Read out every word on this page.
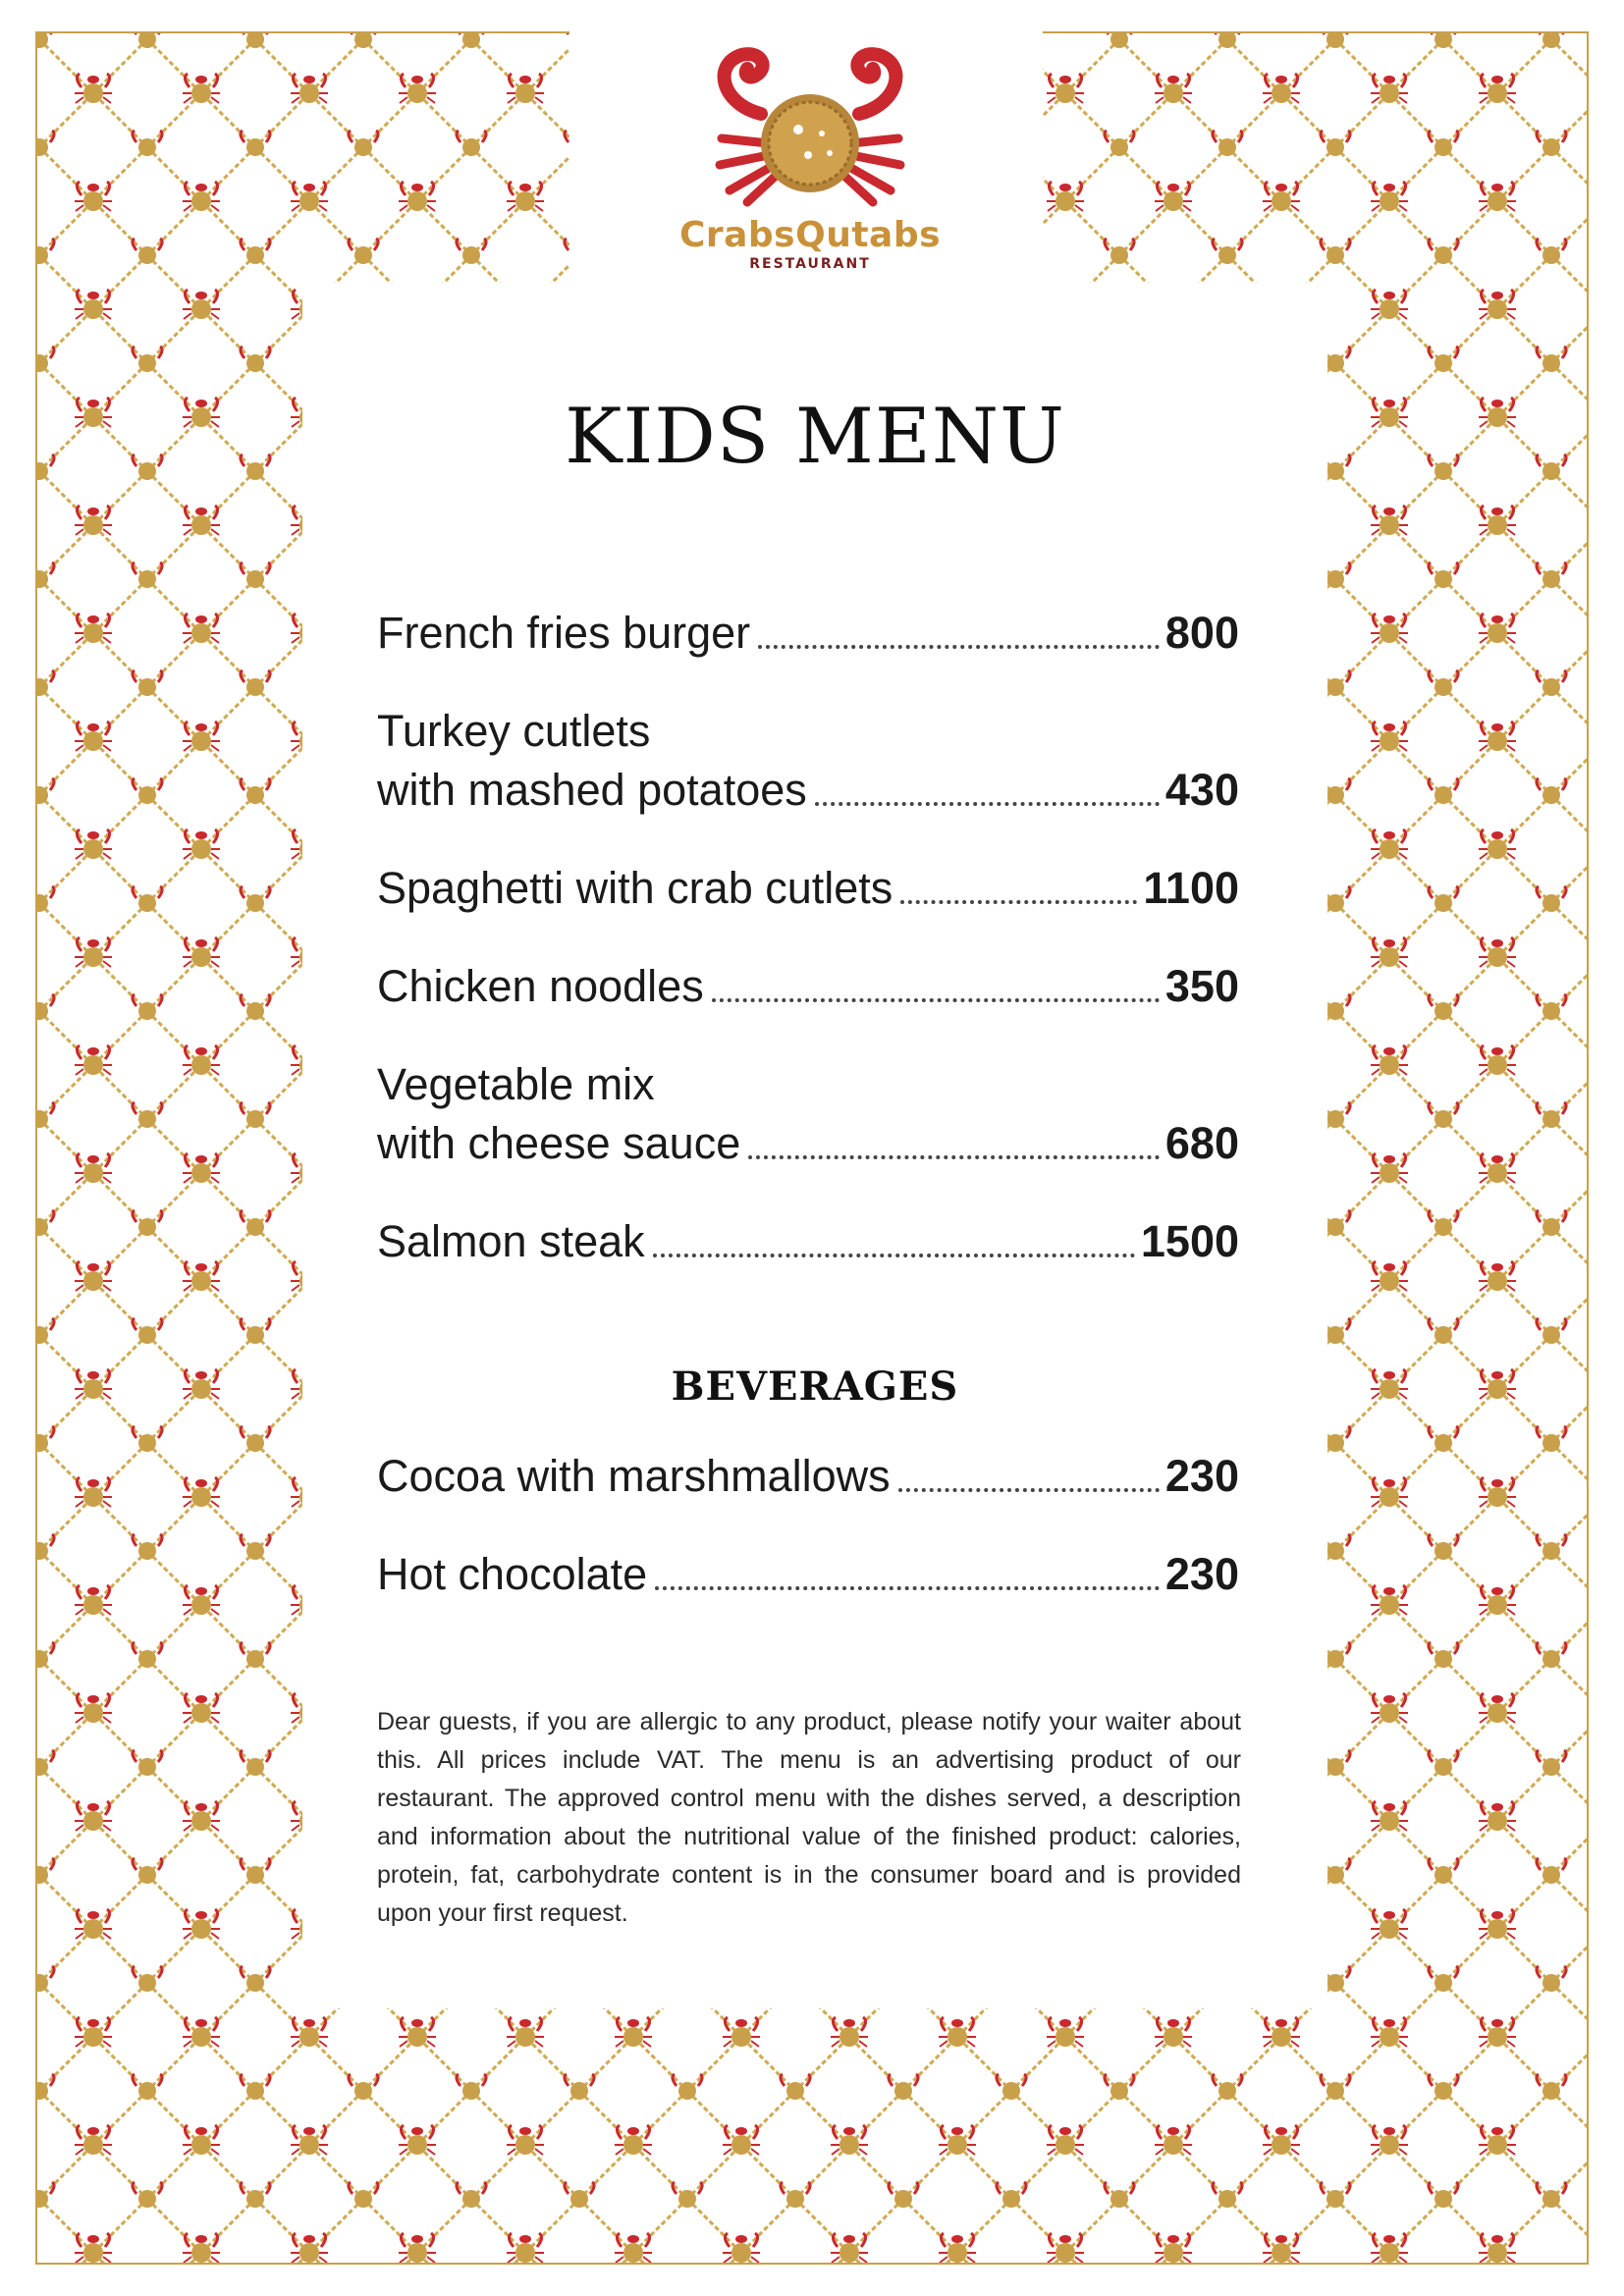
CrabsQutabs
RESTAURANT
KIDS MENU
French fries burger	800
Turkey cutlets
with mashed potatoes	430
Spaghetti with crab cutlets	1100
Chicken noodles	350
Vegetable mix
with cheese sauce	680
Salmon steak	1500
BEVERAGES
Cocoa with marshmallows	230
Hot chocolate	230
Dear guests, if you are allergic to any product, please notify your waiter about this. All prices include VAT. The menu is an advertising product of our restaurant. The approved control menu with the dishes served, a description and information about the nutritional value of the finished product: calories, protein, fat, carbohydrate content is in the consumer board and is provided upon your first request.
